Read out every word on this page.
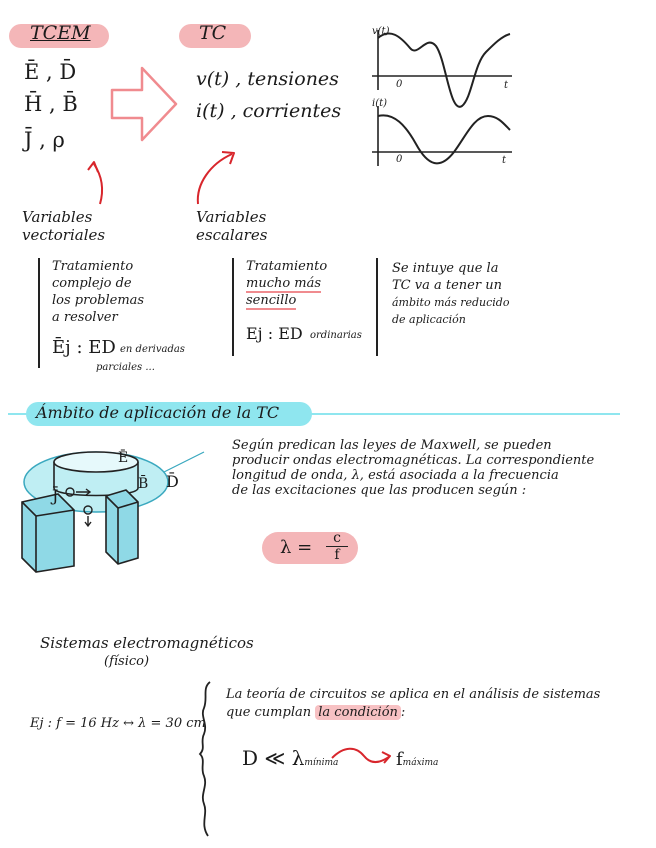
TCEM
Ē , D̄
H̄ , B̄
J̄ , ρ
TC
v(t) , tensiones
i(t) , corrientes
v(t)
i(t)
t
t
0
0
Variables
vectoriales
Variables
escalares
Tratamiento
complejo de
los problemas
a resolver
Ēj : ED en derivadas
parciales ...
Tratamiento
mucho más
sencillo
Ej : ED ordinarias
Se intuye que la
TC va a tener un
ámbito más reducido
de aplicación
Ámbito de aplicación de la TC
Ē
B̄ D̄
J̄
Según predican las leyes de Maxwell, se pueden
producir ondas electromagnéticas. La correspondiente
longitud de onda, λ, está asociada a la frecuencia
de las excitaciones que las producen según :
$\lambda = \frac{c}{f}$
Sistemas electromagnéticos
(físico)
Ej : f = 16 Hz ↔ λ = 30 cm
La teoría de circuitos se aplica en el análisis de sistemas
que cumplan la condición :
D ≪ λmínima	fmáxima
